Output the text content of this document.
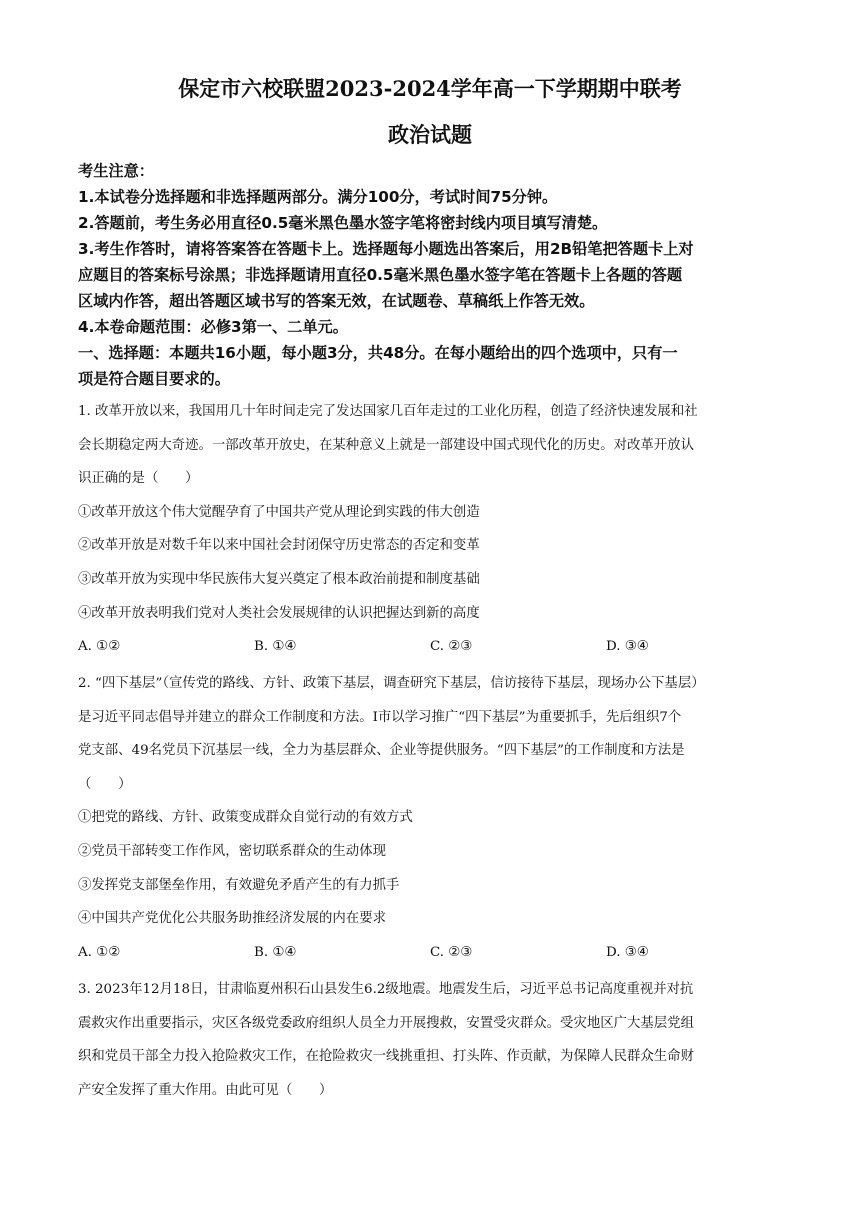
保定市六校联盟2023-2024学年高一下学期期中联考
政治试题
考生注意：
1.本试卷分选择题和非选择题两部分。满分100分，考试时间75分钟。
2.答题前，考生务必用直径0.5毫米黑色墨水签字笔将密封线内项目填写清楚。
3.考生作答时，请将答案答在答题卡上。选择题每小题选出答案后，用2B铅笔把答题卡上对
应题目的答案标号涂黑；非选择题请用直径0.5毫米黑色墨水签字笔在答题卡上各题的答题
区域内作答，超出答题区域书写的答案无效，在试题卷、草稿纸上作答无效。
4.本卷命题范围：必修3第一、二单元。
一、选择题：本题共16小题，每小题3分，共48分。在每小题给出的四个选项中，只有一
项是符合题目要求的。
1. 改革开放以来，我国用几十年时间走完了发达国家几百年走过的工业化历程，创造了经济快速发展和社
会长期稳定两大奇迹。一部改革开放史，在某种意义上就是一部建设中国式现代化的历史。对改革开放认
识正确的是（　　）
①改革开放这个伟大觉醒孕育了中国共产党从理论到实践的伟大创造
②改革开放是对数千年以来中国社会封闭保守历史常态的否定和变革
③改革开放为实现中华民族伟大复兴奠定了根本政治前提和制度基础
④改革开放表明我们党对人类社会发展规律的认识把握达到新的高度
A. ①②	B. ①④	C. ②③	D. ③④
2. “四下基层”（宣传党的路线、方针、政策下基层，调查研究下基层，信访接待下基层，现场办公下基层）
是习近平同志倡导并建立的群众工作制度和方法。I市以学习推广“四下基层”为重要抓手，先后组织7个
党支部、49名党员下沉基层一线，全力为基层群众、企业等提供服务。“四下基层”的工作制度和方法是
（　　）
①把党的路线、方针、政策变成群众自觉行动的有效方式
②党员干部转变工作作风，密切联系群众的生动体现
③发挥党支部堡垒作用，有效避免矛盾产生的有力抓手
④中国共产党优化公共服务助推经济发展的内在要求
A. ①②	B. ①④	C. ②③	D. ③④
3. 2023年12月18日，甘肃临夏州积石山县发生6.2级地震。地震发生后，习近平总书记高度重视并对抗
震救灾作出重要指示，灾区各级党委政府组织人员全力开展搜救，安置受灾群众。受灾地区广大基层党组
织和党员干部全力投入抢险救灾工作，在抢险救灾一线挑重担、打头阵、作贡献，为保障人民群众生命财
产安全发挥了重大作用。由此可见（　　）
